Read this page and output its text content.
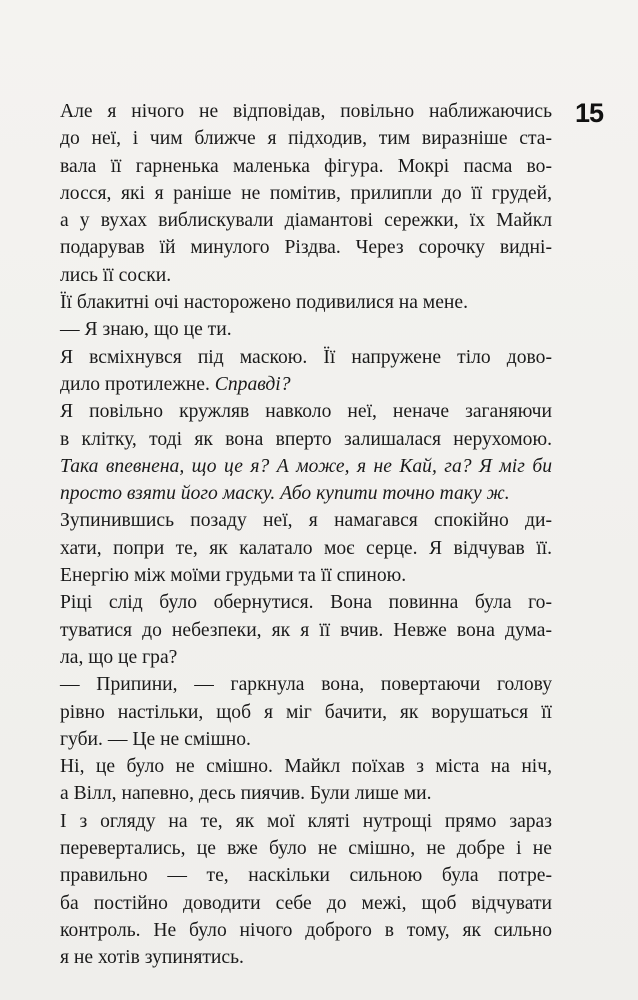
15
Але я нічого не відповідав, повільно наближаючись
до неї, і чим ближче я підходив, тим виразніше ста-
вала її гарненька маленька фігура. Мокрі пасма во-
лосся, які я раніше не помітив, прилипли до її грудей,
а у вухах виблискували діамантові сережки, їх Майкл
подарував їй минулого Різдва. Через сорочку видні-
лись її соски.
Її блакитні очі насторожено подивилися на мене.
— Я знаю, що це ти.
Я всміхнувся під маскою. Її напружене тіло дово-
дило протилежне. Справді?
Я повільно кружляв навколо неї, неначе заганяючи
в клітку, тоді як вона вперто залишалася нерухомою.
Така впевнена, що це я? А може, я не Кай, га? Я міг би
просто взяти його маску. Або купити точно таку ж.
Зупинившись позаду неї, я намагався спокійно ди-
хати, попри те, як калатало моє серце. Я відчував її.
Енергію між моїми грудьми та її спиною.
Ріці слід було обернутися. Вона повинна була го-
туватися до небезпеки, як я її вчив. Невже вона дума-
ла, що це гра?
— Припини, — гаркнула вона, повертаючи голову
рівно настільки, щоб я міг бачити, як ворушаться її
губи. — Це не смішно.
Ні, це було не смішно. Майкл поїхав з міста на ніч,
а Вілл, напевно, десь пиячив. Були лише ми.
І з огляду на те, як мої кляті нутрощі прямо зараз
перевертались, це вже було не смішно, не добре і не
правильно — те, наскільки сильною була потре-
ба постійно доводити себе до межі, щоб відчувати
контроль. Не було нічого доброго в тому, як сильно
я не хотів зупинятись.
